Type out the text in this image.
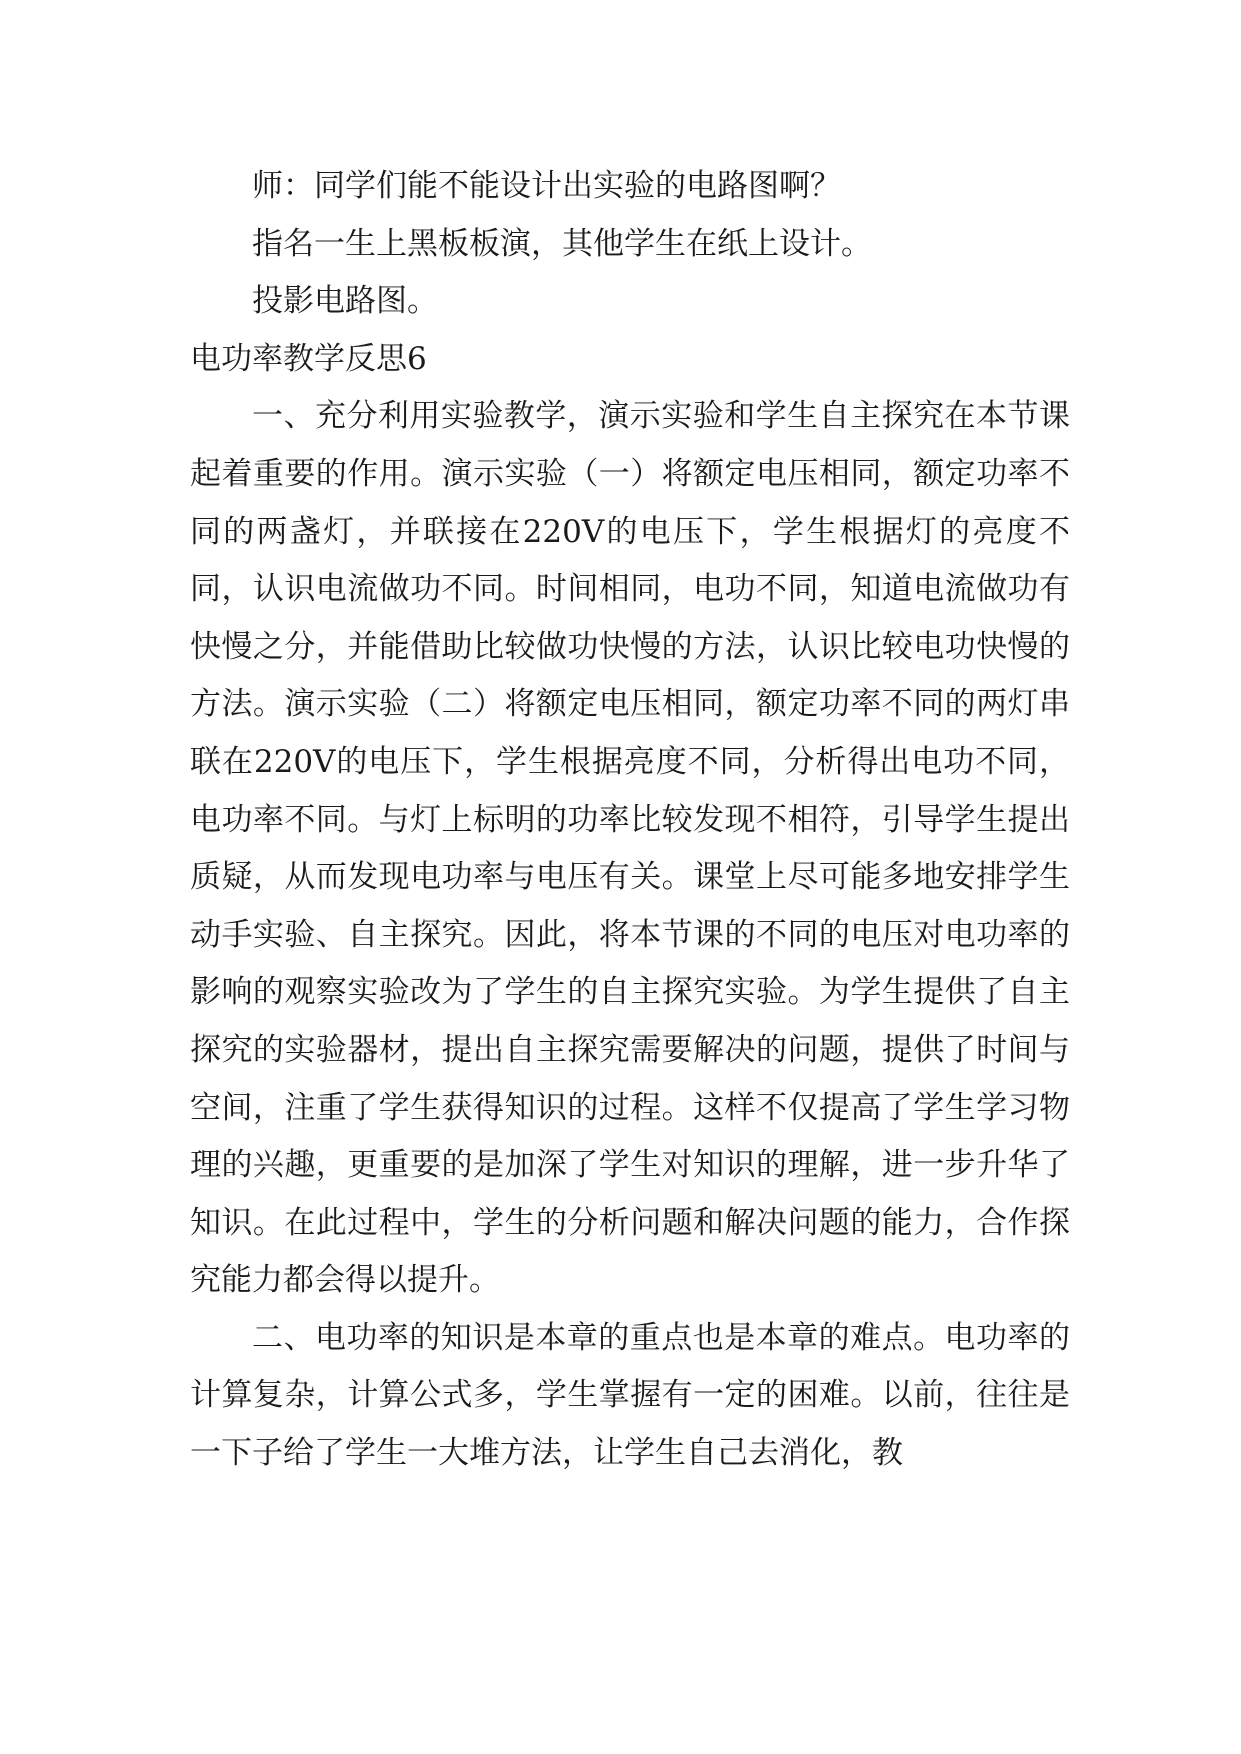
师：同学们能不能设计出实验的电路图啊？

指名一生上黑板板演，其他学生在纸上设计。

投影电路图。

电功率教学反思6

一、充分利用实验教学，演示实验和学生自主探究在本节课起着重要的作用。演示实验（一）将额定电压相同，额定功率不同的两盏灯，并联接在220V的电压下，学生根据灯的亮度不同，认识电流做功不同。时间相同，电功不同，知道电流做功有快慢之分，并能借助比较做功快慢的方法，认识比较电功快慢的方法。演示实验（二）将额定电压相同，额定功率不同的两灯串联在220V的电压下，学生根据亮度不同，分析得出电功不同，电功率不同。与灯上标明的功率比较发现不相符，引导学生提出质疑，从而发现电功率与电压有关。课堂上尽可能多地安排学生动手实验、自主探究。因此，将本节课的不同的电压对电功率的影响的观察实验改为了学生的自主探究实验。为学生提供了自主探究的实验器材，提出自主探究需要解决的问题，提供了时间与空间，注重了学生获得知识的过程。这样不仅提高了学生学习物理的兴趣，更重要的是加深了学生对知识的理解，进一步升华了知识。在此过程中，学生的分析问题和解决问题的能力，合作探究能力都会得以提升。

二、电功率的知识是本章的重点也是本章的难点。电功率的计算复杂，计算公式多，学生掌握有一定的困难。以前，往往是一下子给了学生一大堆方法，让学生自己去消化，教
